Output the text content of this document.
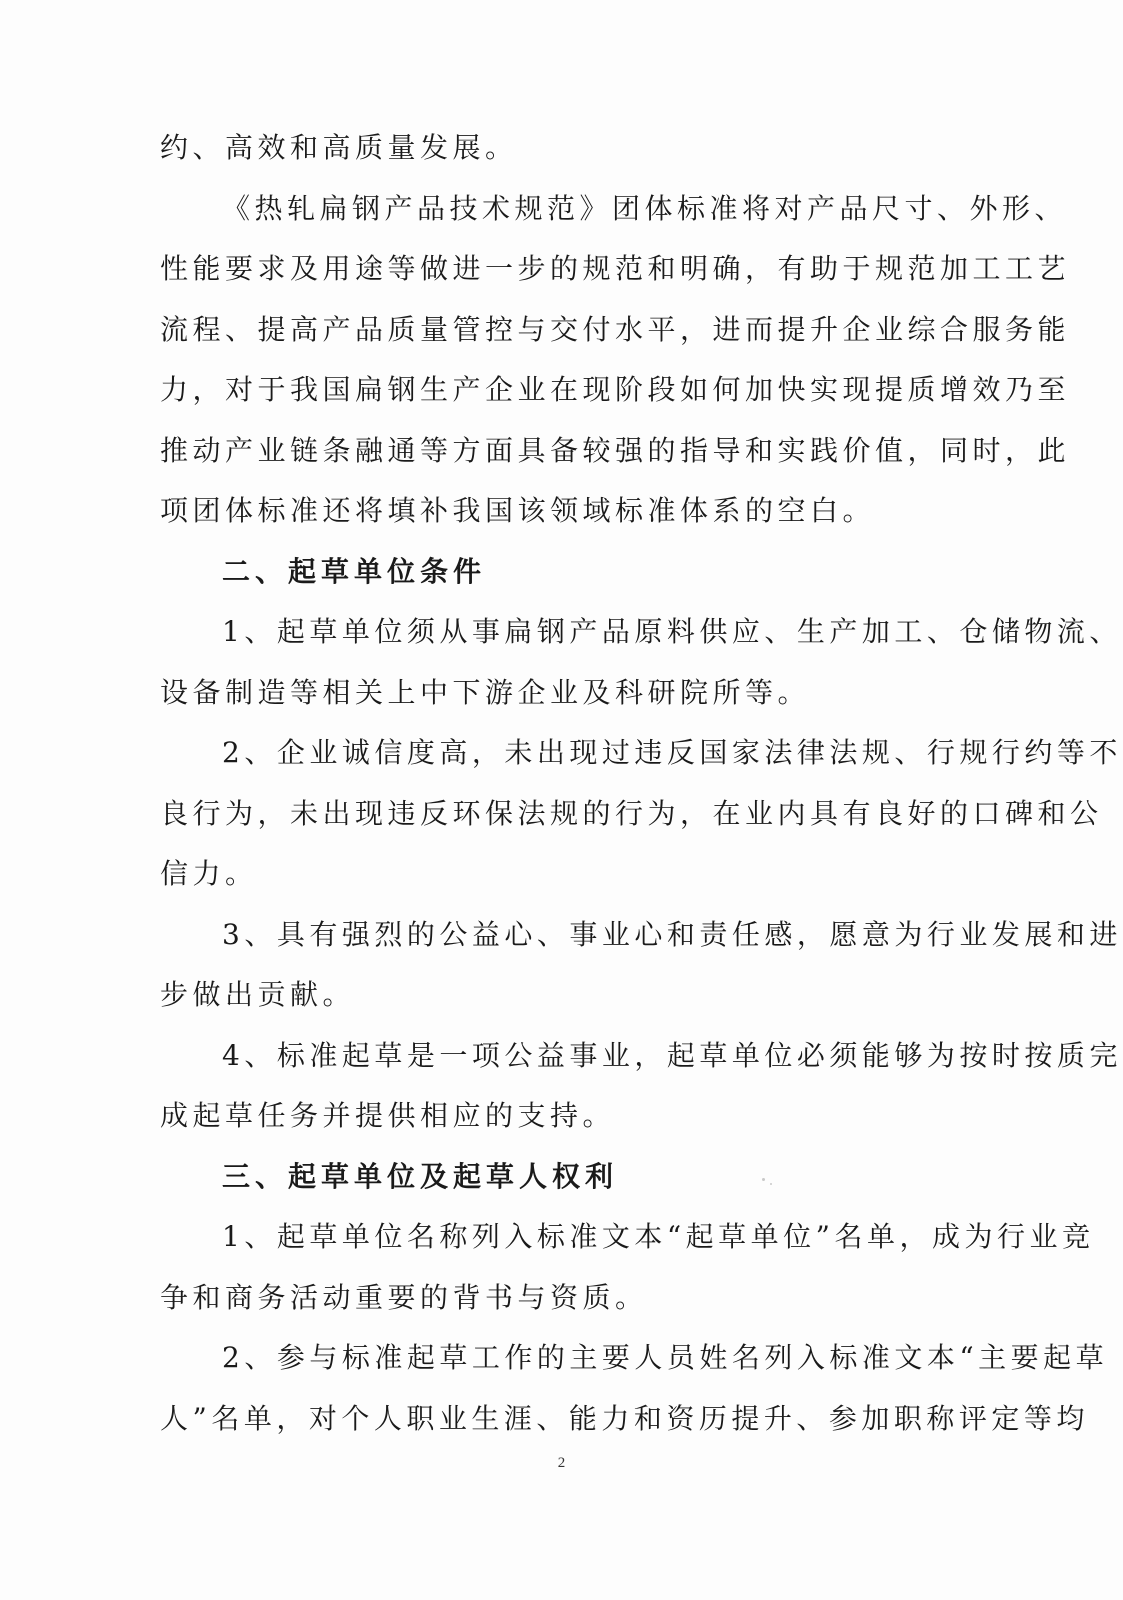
约、高效和高质量发展。
《热轧扁钢产品技术规范》团体标准将对产品尺寸、外形、
性能要求及用途等做进一步的规范和明确，有助于规范加工工艺
流程、提高产品质量管控与交付水平，进而提升企业综合服务能
力，对于我国扁钢生产企业在现阶段如何加快实现提质增效乃至
推动产业链条融通等方面具备较强的指导和实践价值，同时，此
项团体标准还将填补我国该领域标准体系的空白。
二、起草单位条件
1、起草单位须从事扁钢产品原料供应、生产加工、仓储物流、
设备制造等相关上中下游企业及科研院所等。
2、企业诚信度高，未出现过违反国家法律法规、行规行约等不
良行为，未出现违反环保法规的行为，在业内具有良好的口碑和公
信力。
3、具有强烈的公益心、事业心和责任感，愿意为行业发展和进
步做出贡献。
4、标准起草是一项公益事业，起草单位必须能够为按时按质完
成起草任务并提供相应的支持。
三、起草单位及起草人权利
1、起草单位名称列入标准文本“起草单位”名单，成为行业竞
争和商务活动重要的背书与资质。
2、参与标准起草工作的主要人员姓名列入标准文本“主要起草
人”名单，对个人职业生涯、能力和资历提升、参加职称评定等均
2
